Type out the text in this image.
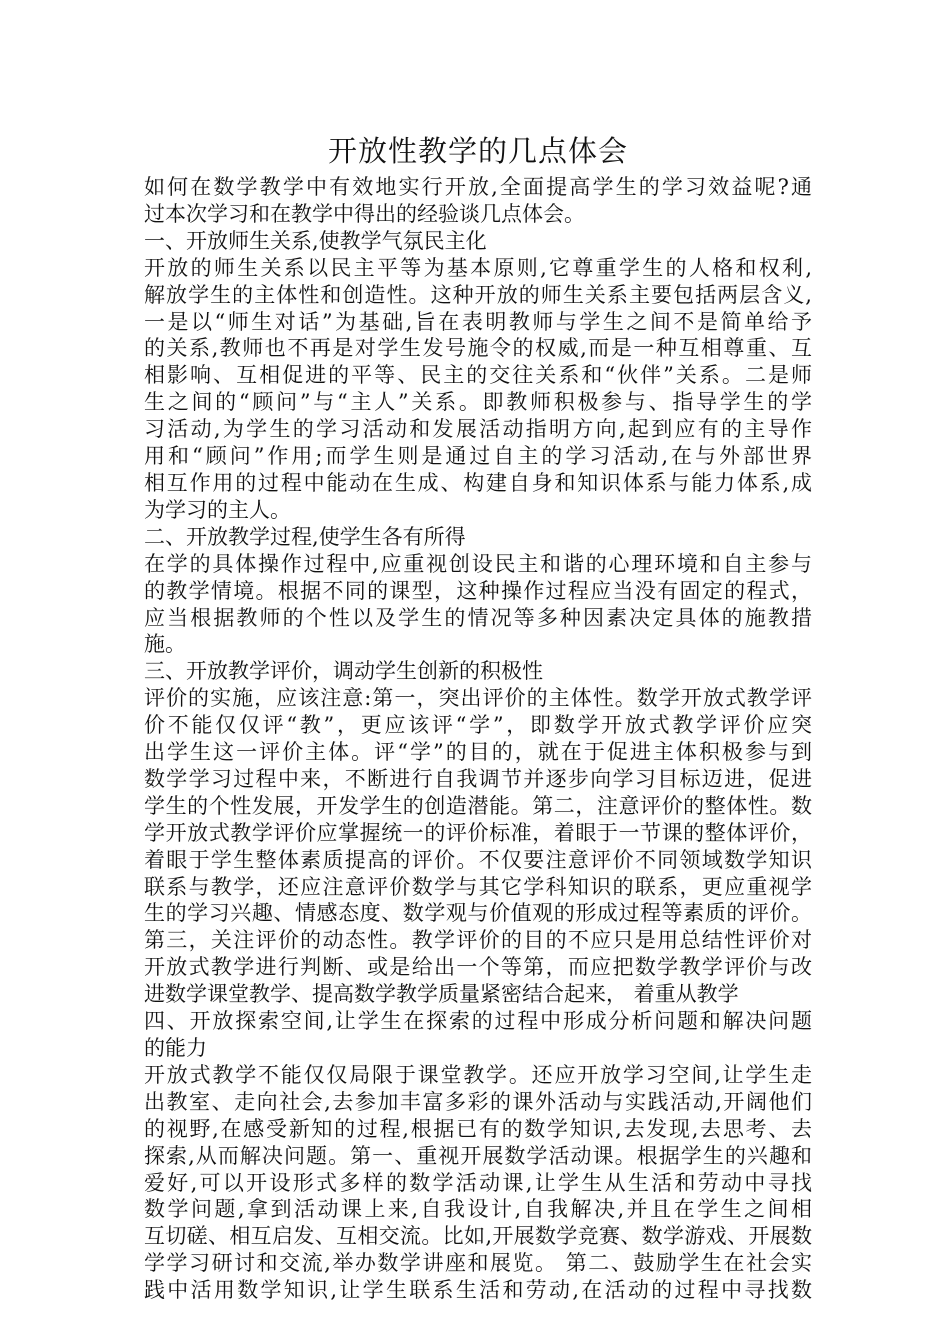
开放性教学的几点体会
如何在数学教学中有效地实行开放,全面提高学生的学习效益呢?通
过本次学习和在教学中得出的经验谈几点体会。
一、开放师生关系,使教学气氛民主化
开放的师生关系以民主平等为基本原则,它尊重学生的人格和权利,
解放学生的主体性和创造性。这种开放的师生关系主要包括两层含义,
一是以“师生对话”为基础,旨在表明教师与学生之间不是简单给予
的关系,教师也不再是对学生发号施令的权威,而是一种互相尊重、互
相影响、互相促进的平等、民主的交往关系和“伙伴”关系。二是师
生之间的“顾问”与“主人”关系。即教师积极参与、指导学生的学
习活动,为学生的学习活动和发展活动指明方向,起到应有的主导作
用和“顾问”作用;而学生则是通过自主的学习活动,在与外部世界
相互作用的过程中能动在生成、构建自身和知识体系与能力体系,成
为学习的主人。
二、开放教学过程,使学生各有所得
在学的具体操作过程中,应重视创设民主和谐的心理环境和自主参与
的教学情境。根据不同的课型，这种操作过程应当没有固定的程式，
应当根据教师的个性以及学生的情况等多种因素决定具体的施教措
施。
三、开放教学评价，调动学生创新的积极性
评价的实施，应该注意:第一，突出评价的主体性。数学开放式教学评
价不能仅仅评“教”，更应该评“学”，即数学开放式教学评价应突
出学生这一评价主体。评“学”的目的，就在于促进主体积极参与到
数学学习过程中来，不断进行自我调节并逐步向学习目标迈进，促进
学生的个性发展，开发学生的创造潜能。第二，注意评价的整体性。数
学开放式教学评价应掌握统一的评价标准，着眼于一节课的整体评价，
着眼于学生整体素质提高的评价。不仅要注意评价不同领域数学知识
联系与教学，还应注意评价数学与其它学科知识的联系，更应重视学
生的学习兴趣、情感态度、数学观与价值观的形成过程等素质的评价。
第三，关注评价的动态性。教学评价的目的不应只是用总结性评价对
开放式教学进行判断、或是给出一个等第，而应把数学教学评价与改
进数学课堂教学、提高数学教学质量紧密结合起来， 着重从教学
四、开放探索空间,让学生在探索的过程中形成分析问题和解决问题
的能力
开放式教学不能仅仅局限于课堂教学。还应开放学习空间,让学生走
出教室、走向社会,去参加丰富多彩的课外活动与实践活动,开阔他们
的视野,在感受新知的过程,根据已有的数学知识,去发现,去思考、去
探索,从而解决问题。第一、重视开展数学活动课。根据学生的兴趣和
爱好,可以开设形式多样的数学活动课,让学生从生活和劳动中寻找
数学问题,拿到活动课上来,自我设计,自我解决,并且在学生之间相
互切磋、相互启发、互相交流。比如,开展数学竞赛、数学游戏、开展数
学学习研讨和交流,举办数学讲座和展览。 第二、鼓励学生在社会实
践中活用数学知识,让学生联系生活和劳动,在活动的过程中寻找数
